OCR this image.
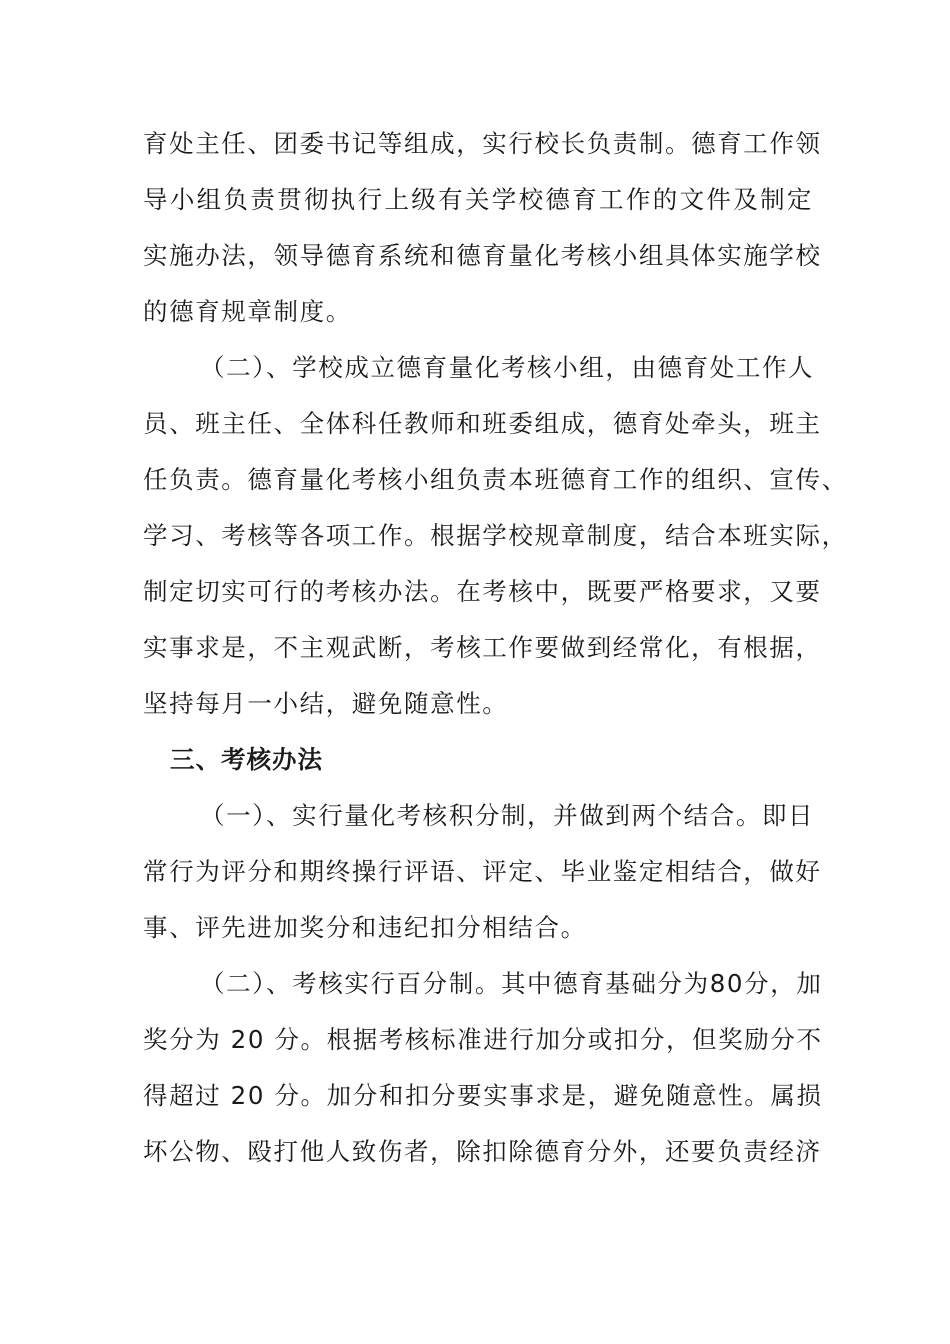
育处主任、团委书记等组成，实行校长负责制。德育工作领
导小组负责贯彻执行上级有关学校德育工作的文件及制定
实施办法，领导德育系统和德育量化考核小组具体实施学校
的德育规章制度。
（二）、学校成立德育量化考核小组，由德育处工作人
员、班主任、全体科任教师和班委组成，德育处牵头，班主
任负责。德育量化考核小组负责本班德育工作的组织、宣传、
学习、考核等各项工作。根据学校规章制度，结合本班实际，
制定切实可行的考核办法。在考核中，既要严格要求，又要
实事求是，不主观武断，考核工作要做到经常化，有根据，
坚持每月一小结，避免随意性。
三、考核办法
（一）、实行量化考核积分制，并做到两个结合。即日
常行为评分和期终操行评语、评定、毕业鉴定相结合，做好
事、评先进加奖分和违纪扣分相结合。
（二）、考核实行百分制。其中德育基础分为80分，加
奖分为 20 分。根据考核标准进行加分或扣分，但奖励分不
得超过 20 分。加分和扣分要实事求是，避免随意性。属损
坏公物、殴打他人致伤者，除扣除德育分外，还要负责经济
